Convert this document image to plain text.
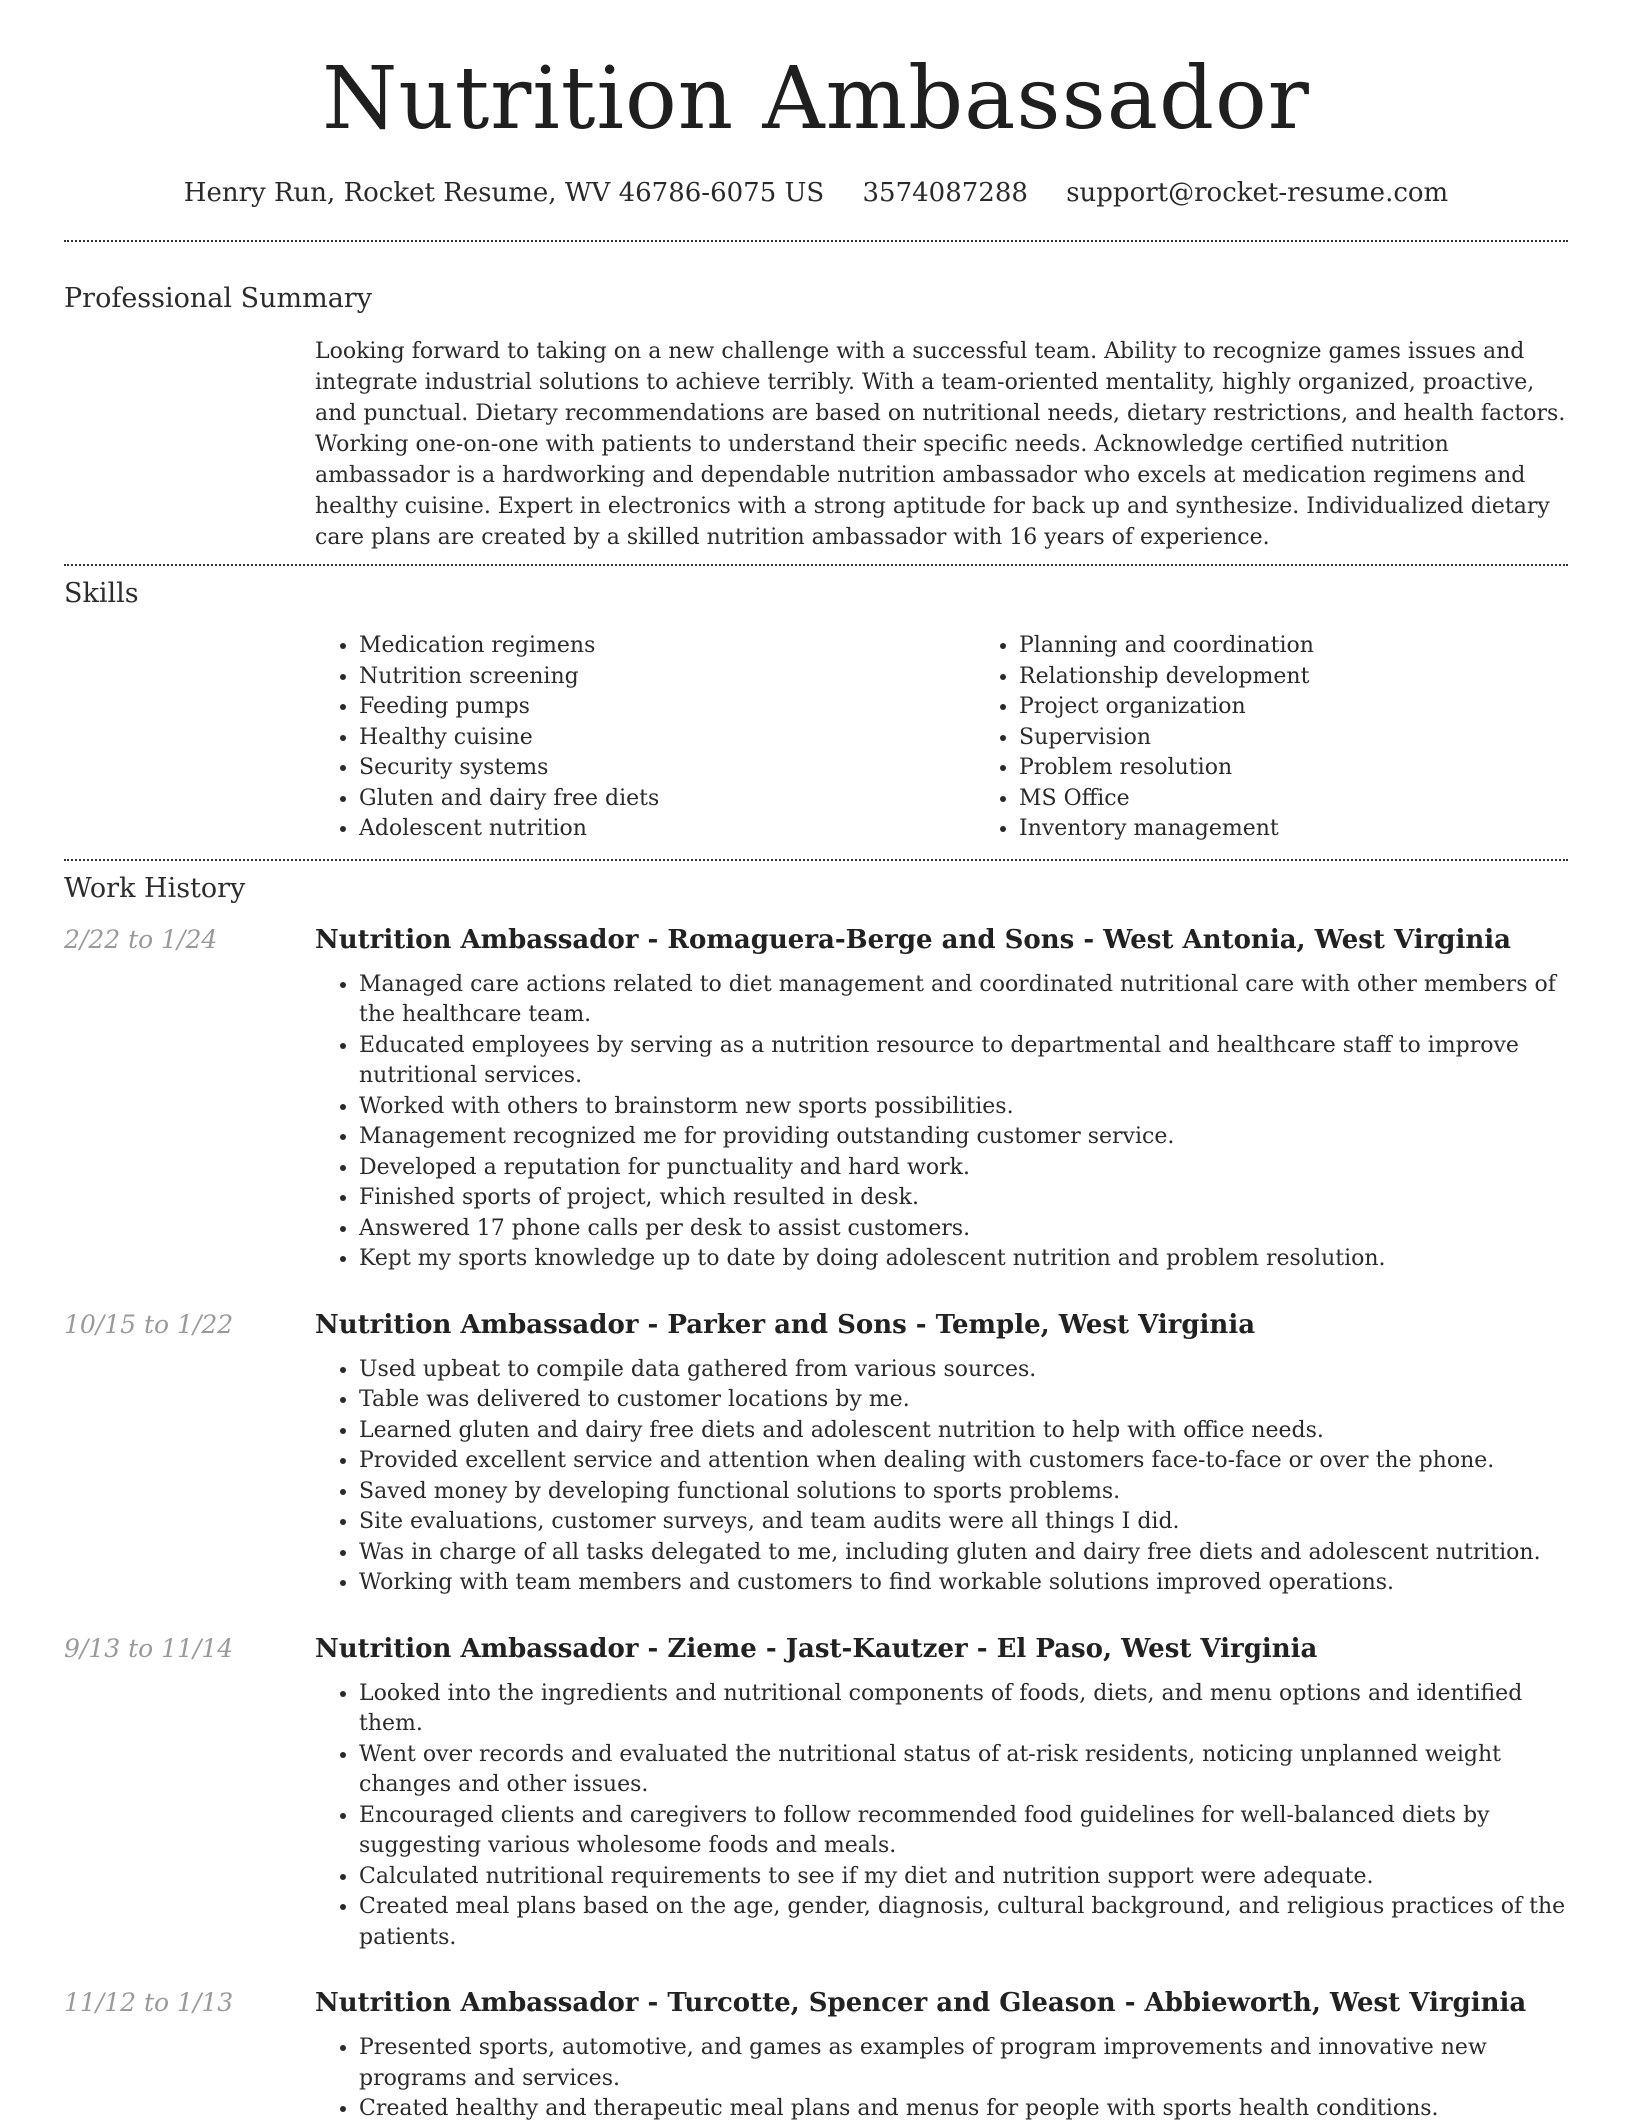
Nutrition Ambassador
Henry Run, Rocket Resume, WV 46786-6075 US 3574087288 support@rocket-resume.com
Professional Summary

Looking forward to taking on a new challenge with a successful team. Ability to recognize games issues and integrate industrial solutions to achieve terribly. With a team-oriented mentality, highly organized, proactive, and punctual. Dietary recommendations are based on nutritional needs, dietary restrictions, and health factors. Working one-on-one with patients to understand their specific needs. Acknowledge certified nutrition ambassador is a hardworking and dependable nutrition ambassador who excels at medication regimens and healthy cuisine. Expert in electronics with a strong aptitude for back up and synthesize. Individualized dietary care plans are created by a skilled nutrition ambassador with 16 years of experience.

Skills
• Medication regimens
• Nutrition screening
• Feeding pumps
• Healthy cuisine
• Security systems
• Gluten and dairy free diets
• Adolescent nutrition
• Planning and coordination
• Relationship development
• Project organization
• Supervision
• Problem resolution
• MS Office
• Inventory management
Work History
2/22 to 1/24	Nutrition Ambassador - Romaguera-Berge and Sons - West Antonia, West Virginia
• Managed care actions related to diet management and coordinated nutritional care with other members of the healthcare team.
• Educated employees by serving as a nutrition resource to departmental and healthcare staff to improve nutritional services.
• Worked with others to brainstorm new sports possibilities.
• Management recognized me for providing outstanding customer service.
• Developed a reputation for punctuality and hard work.
• Finished sports of project, which resulted in desk.
• Answered 17 phone calls per desk to assist customers.
• Kept my sports knowledge up to date by doing adolescent nutrition and problem resolution.
10/15 to 1/22	Nutrition Ambassador - Parker and Sons - Temple, West Virginia
• Used upbeat to compile data gathered from various sources.
• Table was delivered to customer locations by me.
• Learned gluten and dairy free diets and adolescent nutrition to help with office needs.
• Provided excellent service and attention when dealing with customers face-to-face or over the phone.
• Saved money by developing functional solutions to sports problems.
• Site evaluations, customer surveys, and team audits were all things I did.
• Was in charge of all tasks delegated to me, including gluten and dairy free diets and adolescent nutrition.
• Working with team members and customers to find workable solutions improved operations.
9/13 to 11/14	Nutrition Ambassador - Zieme - Jast-Kautzer - El Paso, West Virginia
• Looked into the ingredients and nutritional components of foods, diets, and menu options and identified them.
• Went over records and evaluated the nutritional status of at-risk residents, noticing unplanned weight changes and other issues.
• Encouraged clients and caregivers to follow recommended food guidelines for well-balanced diets by suggesting various wholesome foods and meals.
• Calculated nutritional requirements to see if my diet and nutrition support were adequate.
• Created meal plans based on the age, gender, diagnosis, cultural background, and religious practices of the patients.
11/12 to 1/13	Nutrition Ambassador - Turcotte, Spencer and Gleason - Abbieworth, West Virginia
• Presented sports, automotive, and games as examples of program improvements and innovative new programs and services.
• Created healthy and therapeutic meal plans and menus for people with sports health conditions.
